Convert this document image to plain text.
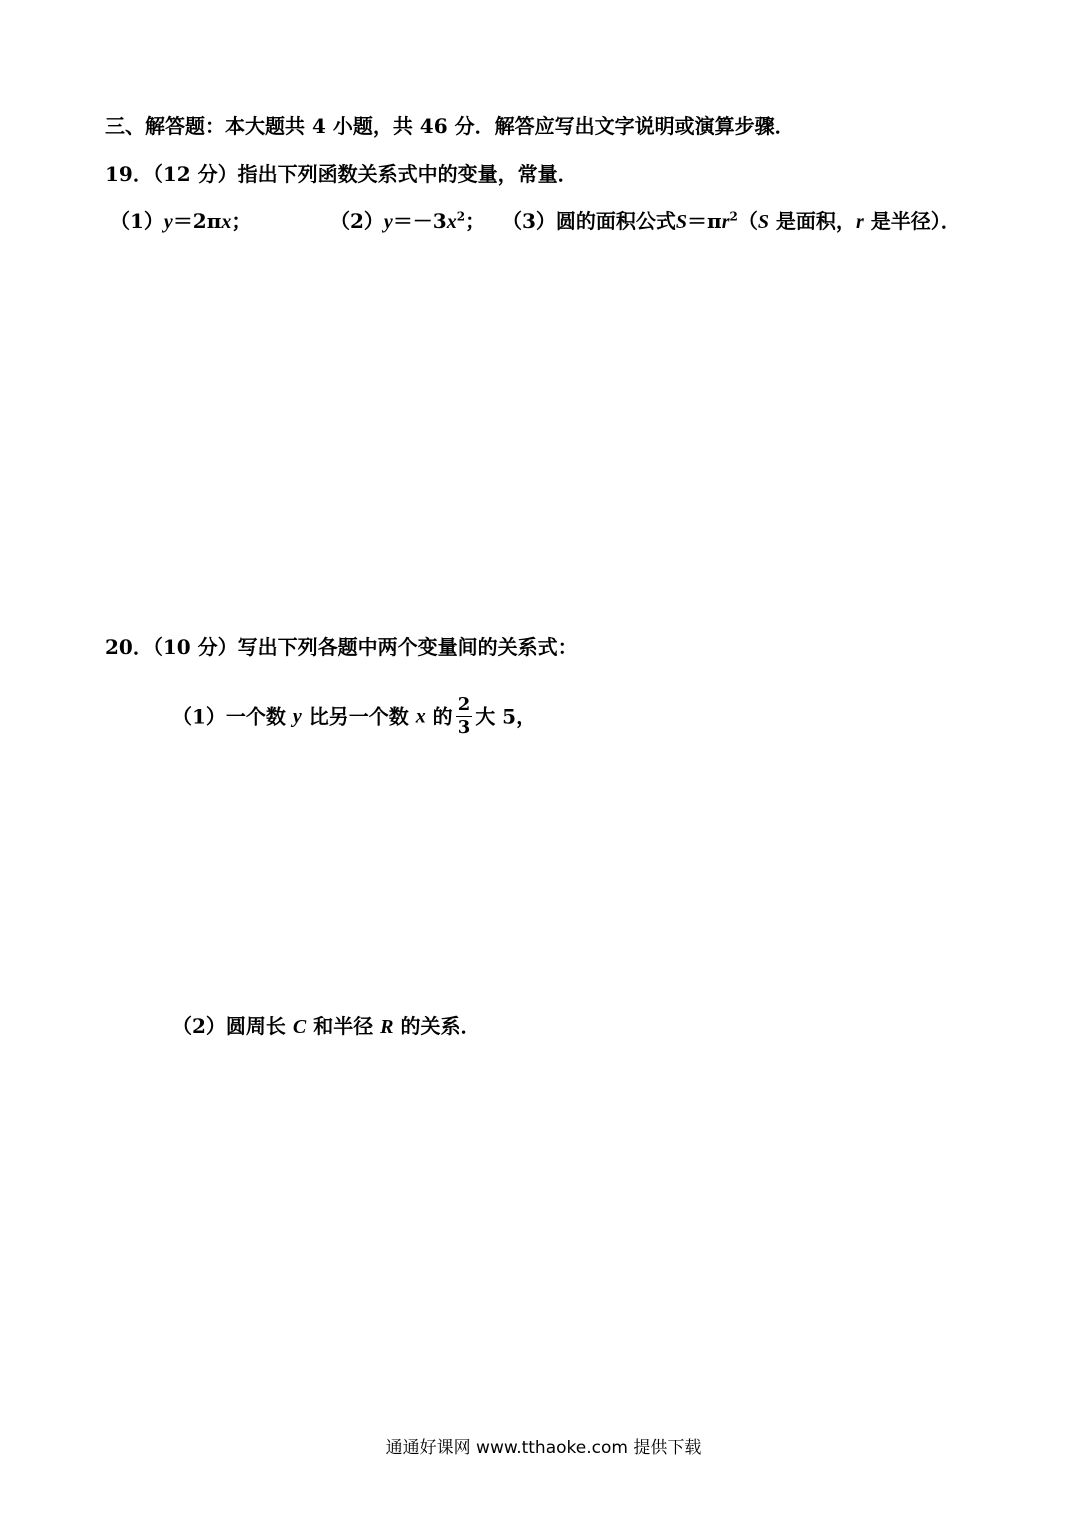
三、解答题：本大题共 4 小题，共 46 分．解答应写出文字说明或演算步骤．
19．（12 分）指出下列函数关系式中的变量，常量．
（1）y＝2πx；	$(2)y=-3x^2$； （3）圆的面积公式$S=\pi r^2(S$ 是面积，r 是半径）．
20．（10 分）写出下列各题中两个变量间的关系式：
（1）一个数 y 比另一个数 x 的 $\frac{2}{3}$ 大 5，
（2）圆周长 C 和半径 R 的关系．
通通好课网 www.tthaoke.com 提供下载
